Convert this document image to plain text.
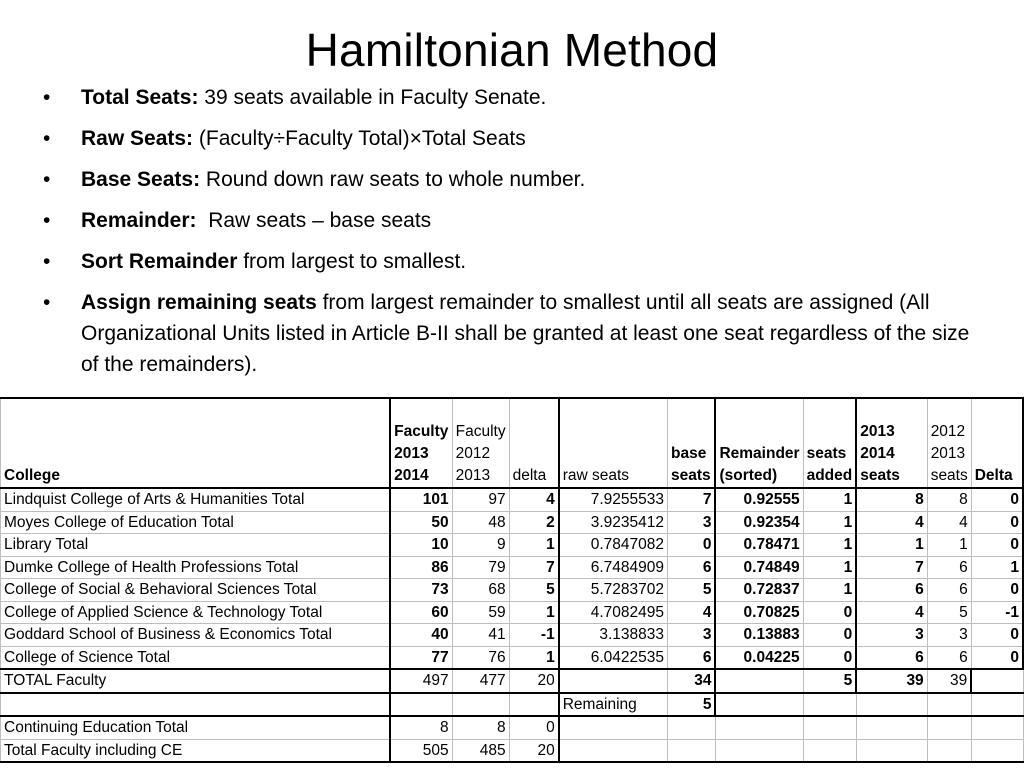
Hamiltonian Method
• Total Seats: 39 seats available in Faculty Senate.
• Raw Seats: (Faculty÷Faculty Total)×Total Seats
• Base Seats: Round down raw seats to whole number.
• Remainder:  Raw seats – base seats
• Sort Remainder from largest to smallest.
• Assign remaining seats from largest remainder to smallest until all seats are assigned (All Organizational Units listed in Article B-II shall be granted at least one seat regardless of the size of the remainders).
College	Faculty 2013 2014	Faculty 2012 2013	delta	raw seats	base seats	Remainder (sorted)	seats added	2013 2014 seats	2012 2013 seats	Delta
Lindquist College of Arts & Humanities Total	101	97	4	7.9255533	7	0.92555	1	8	8	0
Moyes College of Education Total	50	48	2	3.9235412	3	0.92354	1	4	4	0
Library Total	10	9	1	0.7847082	0	0.78471	1	1	1	0
Dumke College of Health Professions Total	86	79	7	6.7484909	6	0.74849	1	7	6	1
College of Social & Behavioral Sciences Total	73	68	5	5.7283702	5	0.72837	1	6	6	0
College of Applied Science & Technology Total	60	59	1	4.7082495	4	0.70825	0	4	5	-1
Goddard School of Business & Economics Total	40	41	-1	3.138833	3	0.13883	0	3	3	0
College of Science Total	77	76	1	6.0422535	6	0.04225	0	6	6	0
TOTAL Faculty	497	477	20		34		5	39	39	
				Remaining	5					
Continuing Education Total	8	8	0							
Total Faculty including CE	505	485	20							
